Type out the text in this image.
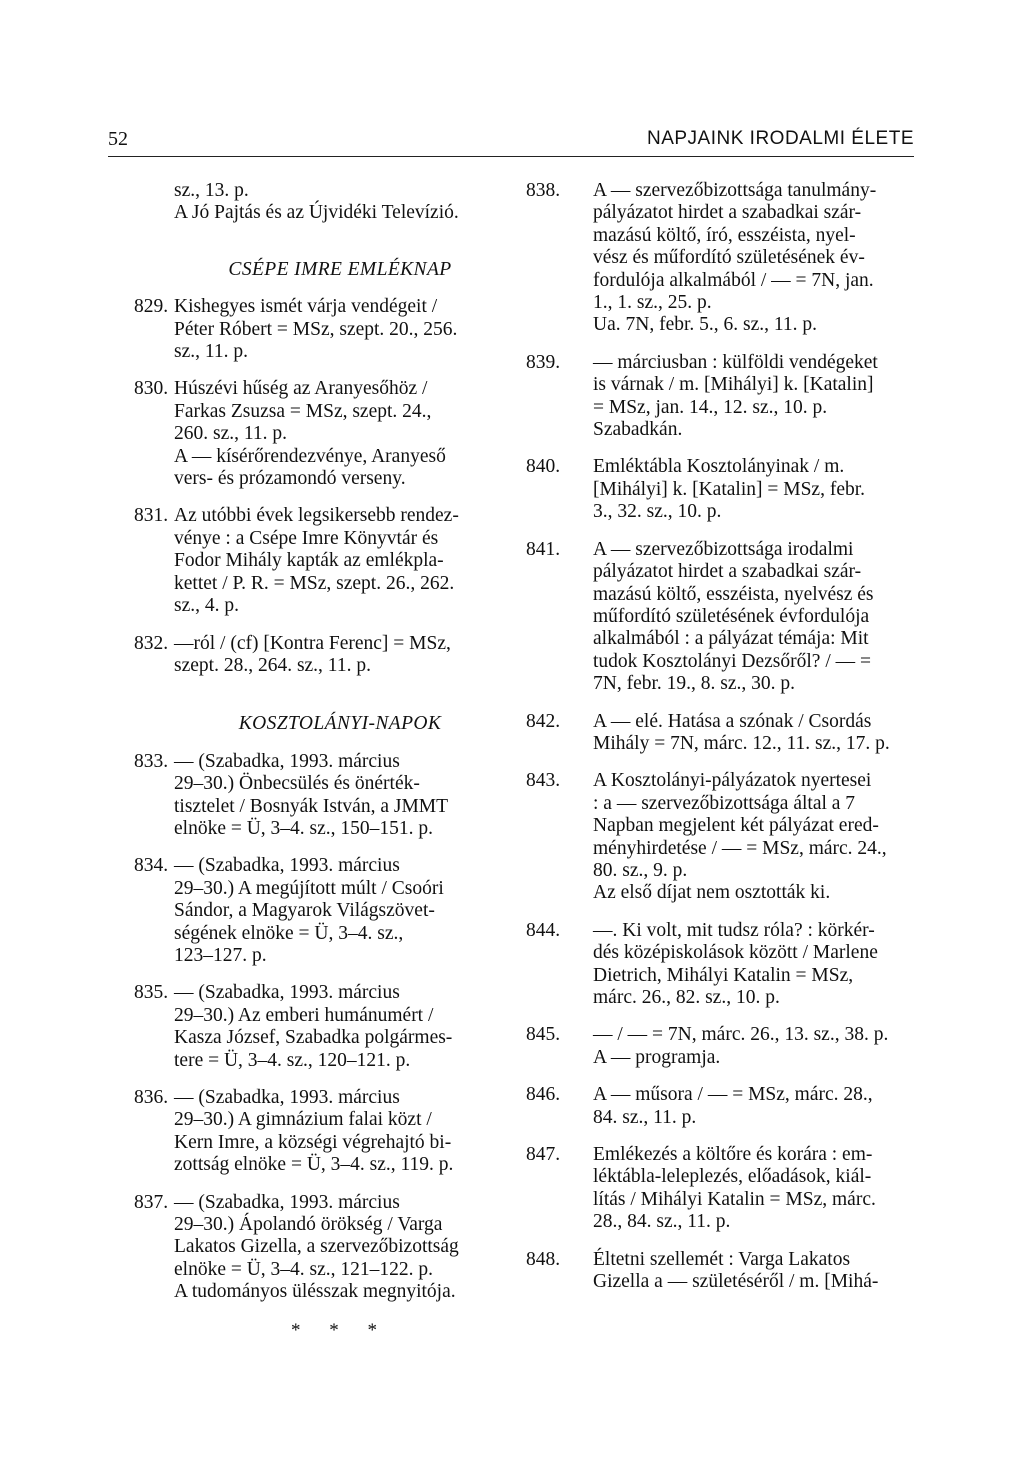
52	NAPJAINK IRODALMI ÉLETE
sz., 13. p.
A Jó Pajtás és az Újvidéki Televízió.
CSÉPE IMRE EMLÉKNAP
829. Kishegyes ismét várja vendégeit /
Péter Róbert = MSz, szept. 20., 256.
sz., 11. p.
830. Húszévi hűség az Aranyesőhöz /
Farkas Zsuzsa = MSz, szept. 24.,
260. sz., 11. p.
A — kísérőrendezvénye, Aranyeső
vers- és prózamondó verseny.
831. Az utóbbi évek legsikersebb rendez-
vénye : a Csépe Imre Könyvtár és
Fodor Mihály kapták az emlékpla-
kettet / P. R. = MSz, szept. 26., 262.
sz., 4. p.
832. —ról / (cf) [Kontra Ferenc] = MSz,
szept. 28., 264. sz., 11. p.
KOSZTOLÁNYI-NAPOK
833. — (Szabadka, 1993. március
29–30.) Önbecsülés és önérték-
tisztelet / Bosnyák István, a JMMT
elnöke = Ü, 3–4. sz., 150–151. p.
834. — (Szabadka, 1993. március
29–30.) A megújított múlt / Csoóri
Sándor, a Magyarok Világszövet-
ségének elnöke = Ü, 3–4. sz.,
123–127. p.
835. — (Szabadka, 1993. március
29–30.) Az emberi humánumért /
Kasza József, Szabadka polgármes-
tere = Ü, 3–4. sz., 120–121. p.
836. — (Szabadka, 1993. március
29–30.) A gimnázium falai közt /
Kern Imre, a községi végrehajtó bi-
zottság elnöke = Ü, 3–4. sz., 119. p.
837. — (Szabadka, 1993. március
29–30.) Ápolandó örökség / Varga
Lakatos Gizella, a szervezőbizottság
elnöke = Ü, 3–4. sz., 121–122. p.
A tudományos ülésszak megnyitója.
* * *
838. A — szervezőbizottsága tanulmány-
pályázatot hirdet a szabadkai szár-
mazású költő, író, esszéista, nyel-
vész és műfordító születésének év-
fordulója alkalmából / — = 7N, jan.
1., 1. sz., 25. p.
Ua. 7N, febr. 5., 6. sz., 11. p.
839. — márciusban : külföldi vendégeket
is várnak / m. [Mihályi] k. [Katalin]
= MSz, jan. 14., 12. sz., 10. p.
Szabadkán.
840. Emléktábla Kosztolányinak / m.
[Mihályi] k. [Katalin] = MSz, febr.
3., 32. sz., 10. p.
841. A — szervezőbizottsága irodalmi
pályázatot hirdet a szabadkai szár-
mazású költő, esszéista, nyelvész és
műfordító születésének évfordulója
alkalmából : a pályázat témája: Mit
tudok Kosztolányi Dezsőről? / — =
7N, febr. 19., 8. sz., 30. p.
842. A — elé. Hatása a szónak / Csordás
Mihály = 7N, márc. 12., 11. sz., 17. p.
843. A Kosztolányi-pályázatok nyertesei
: a — szervezőbizottsága által a 7
Napban megjelent két pályázat ered-
ményhirdetése / — = MSz, márc. 24.,
80. sz., 9. p.
Az első díjat nem osztották ki.
844. —. Ki volt, mit tudsz róla? : körkér-
dés középiskolások között / Marlene
Dietrich, Mihályi Katalin = MSz,
márc. 26., 82. sz., 10. p.
845. — / — = 7N, márc. 26., 13. sz., 38. p.
A — programja.
846. A — műsora / — = MSz, márc. 28.,
84. sz., 11. p.
847. Emlékezés a költőre és korára : em-
léktábla-leleplezés, előadások, kiál-
lítás / Mihályi Katalin = MSz, márc.
28., 84. sz., 11. p.
848. Éltetni szellemét : Varga Lakatos
Gizella a — születéséről / m. [Mihá-
